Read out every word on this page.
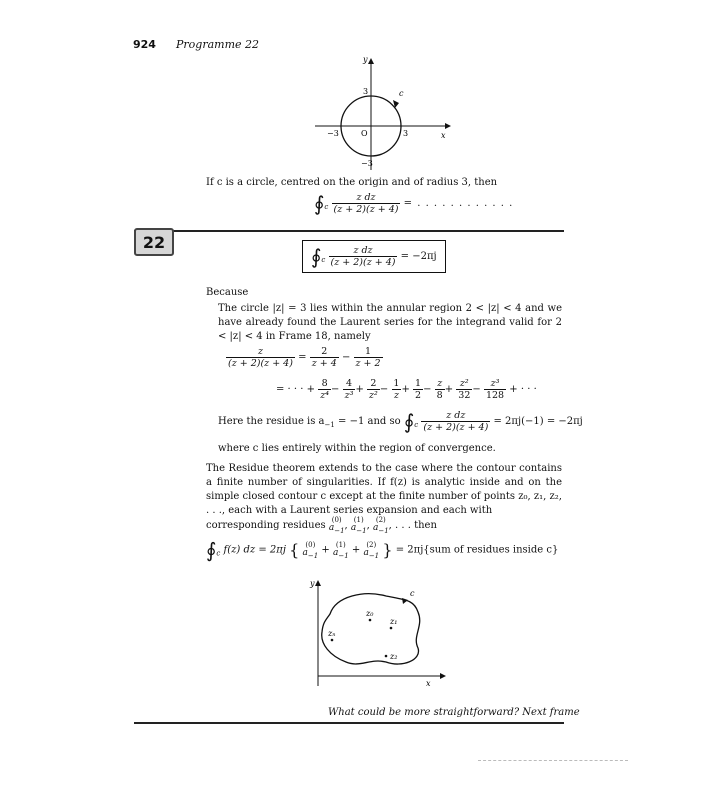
924 Programme 22
y
x
c
3
−3
−3	3
O
If c is a circle, centred on the origin and of radius 3, then
$∮_c \frac{\text{z dz}}{(z + 2)(z + 4)}$ = . . . . . . . . . . . .
22
$∮_c \frac{\text{z dz}}{(z + 2)(z + 4)} = -2\pi j$
Because
The circle |z| = 3 lies within the annular region 2 < |z| < 4 and we have already found the Laurent series for the integrand valid for 2 < |z| < 4 in Frame 18, namely
$\frac{z}{(z + 2)(z + 4)} = \frac{2}{z + 4} - \frac{1}{z + 2}$
= · · · + $\frac{8}{\text{z⁴}} - \frac{4}{\text{z³}} + \frac{2}{\text{z²}} - \frac{1}{z} + \frac{1}{2} - \frac{z}{8} + \frac{\text{z²}}{32} - \frac{\text{z³}}{128}$ + · · ·
Here the residue is $a_{-1} = -1$ and so $∮_c \frac{\text{z dz}}{(z + 2)(z + 4)} = 2\pi j(-1) = -2\pi j$
where c lies entirely within the region of convergence.
The Residue theorem extends to the case where the contour contains a finite number of singularities. If f(z) is analytic inside and on the simple closed contour c except at the finite number of points z₀, z₁, z₂, . . ., each with a Laurent series expansion and each with
corresponding residues (0)
$a_{-1}$ , (1)
$a_{-1}$ , (2)
$a_{-1}$ , . . . then
$∮_c$ f(z) dz = 2πj { (0)
$a_{-1} + (1)$
$a_{-1} + (2)$
$a_{-1}$ } = 2πj{sum of residues inside c}
y
x
c
z₀
z₁
z₂
zₙ
What could be more straightforward? Next frame
